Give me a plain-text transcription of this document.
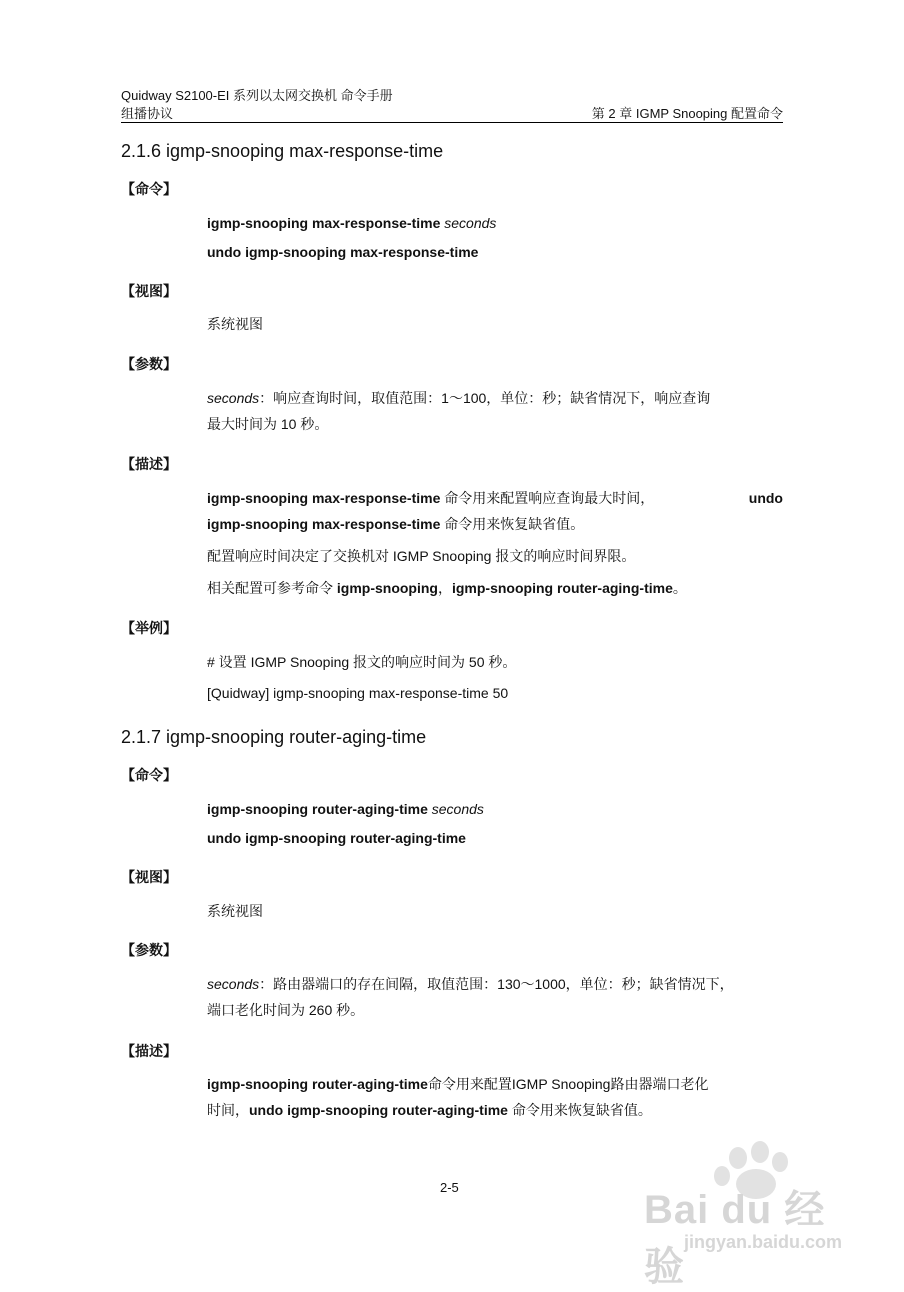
Quidway S2100-EI 系列以太网交换机 命令手册
组播协议	第 2 章 IGMP Snooping 配置命令
2.1.6 igmp-snooping max-response-time
【命令】
igmp-snooping max-response-time seconds
undo igmp-snooping max-response-time
【视图】
系统视图
【参数】
seconds：响应查询时间，取值范围：1～100，单位：秒；缺省情况下，响应查询
最大时间为 10 秒。
【描述】
igmp-snooping max-response-time 命令用来配置响应查询最大时间，	undo
igmp-snooping max-response-time 命令用来恢复缺省值。
配置响应时间决定了交换机对 IGMP Snooping 报文的响应时间界限。
相关配置可参考命令 igmp-snooping，igmp-snooping router-aging-time。
【举例】
# 设置 IGMP Snooping 报文的响应时间为 50 秒。
[Quidway] igmp-snooping max-response-time 50
2.1.7 igmp-snooping router-aging-time
【命令】
igmp-snooping router-aging-time seconds
undo igmp-snooping router-aging-time
【视图】
系统视图
【参数】
seconds：路由器端口的存在间隔，取值范围：130～1000，单位：秒；缺省情况下，
端口老化时间为 260 秒。
【描述】
igmp-snooping router-aging-time命令用来配置IGMP Snooping路由器端口老化
时间，undo igmp-snooping router-aging-time 命令用来恢复缺省值。
2-5
Bai du 经验
jingyan.baidu.com
